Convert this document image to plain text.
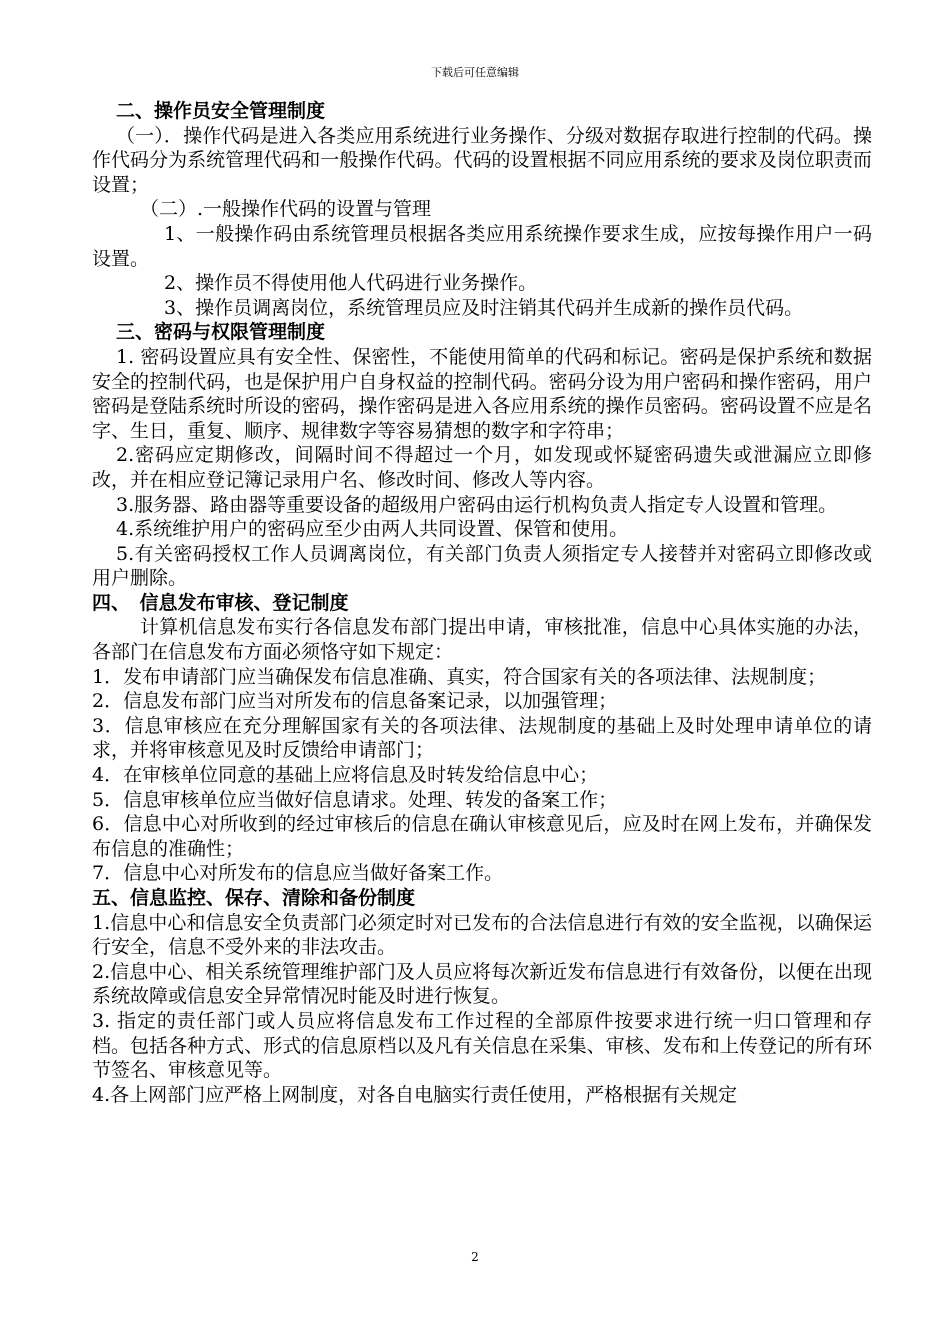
下载后可任意编辑

二、操作员安全管理制度

（一）．操作代码是进入各类应用系统进行业务操作、分级对数据存取进行控制的代码。操作代码分为系统管理代码和一般操作代码。代码的设置根据不同应用系统的要求及岗位职责而设置；

（二）.一般操作代码的设置与管理

1、一般操作码由系统管理员根据各类应用系统操作要求生成，应按每操作用户一码设置。

2、操作员不得使用他人代码进行业务操作。

3、操作员调离岗位，系统管理员应及时注销其代码并生成新的操作员代码。

三、密码与权限管理制度

1. 密码设置应具有安全性、保密性，不能使用简单的代码和标记。密码是保护系统和数据安全的控制代码，也是保护用户自身权益的控制代码。密码分设为用户密码和操作密码，用户密码是登陆系统时所设的密码，操作密码是进入各应用系统的操作员密码。密码设置不应是名字、生日，重复、顺序、规律数字等容易猜想的数字和字符串；

2.密码应定期修改，间隔时间不得超过一个月，如发现或怀疑密码遗失或泄漏应立即修改，并在相应登记簿记录用户名、修改时间、修改人等内容。

3.服务器、路由器等重要设备的超级用户密码由运行机构负责人指定专人设置和管理。

4.系统维护用户的密码应至少由两人共同设置、保管和使用。

5.有关密码授权工作人员调离岗位，有关部门负责人须指定专人接替并对密码立即修改或用户删除。

四、　信息发布审核、登记制度

计算机信息发布实行各信息发布部门提出申请，审核批准，信息中心具体实施的办法，各部门在信息发布方面必须恪守如下规定：

1．发布申请部门应当确保发布信息准确、真实，符合国家有关的各项法律、法规制度；

2．信息发布部门应当对所发布的信息备案记录，以加强管理；

3．信息审核应在充分理解国家有关的各项法律、法规制度的基础上及时处理申请单位的请求，并将审核意见及时反馈给申请部门；

4．在审核单位同意的基础上应将信息及时转发给信息中心；

5．信息审核单位应当做好信息请求。处理、转发的备案工作；

6．信息中心对所收到的经过审核后的信息在确认审核意见后，应及时在网上发布，并确保发布信息的准确性；

7．信息中心对所发布的信息应当做好备案工作。

五、信息监控、保存、清除和备份制度

1.信息中心和信息安全负责部门必须定时对已发布的合法信息进行有效的安全监视，以确保运行安全，信息不受外来的非法攻击。

2.信息中心、相关系统管理维护部门及人员应将每次新近发布信息进行有效备份，以便在出现系统故障或信息安全异常情况时能及时进行恢复。

3. 指定的责任部门或人员应将信息发布工作过程的全部原件按要求进行统一归口管理和存档。包括各种方式、形式的信息原档以及凡有关信息在采集、审核、发布和上传登记的所有环节签名、审核意见等。

4.各上网部门应严格上网制度，对各自电脑实行责任使用，严格根据有关规定

2
